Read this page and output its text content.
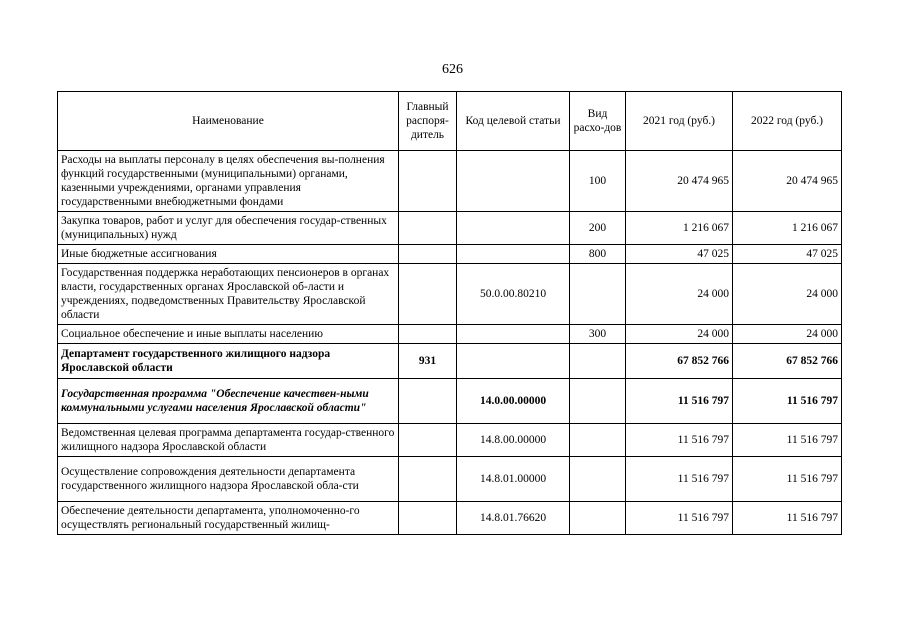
626
Наименование	Главный распоря-дитель	Код целевой статьи	Вид расхо-дов	2021 год (руб.)	2022 год (руб.)
Расходы на выплаты персоналу в целях обеспечения вы-полнения функций государственными (муниципальными) органами, казенными учреждениями, органами управления государственными внебюджетными фондами			100	20 474 965	20 474 965
Закупка товаров, работ и услуг для обеспечения государ-ственных (муниципальных) нужд			200	1 216 067	1 216 067
Иные бюджетные ассигнования			800	47 025	47 025
Государственная поддержка неработающих пенсионеров в органах власти, государственных органах Ярославской об-ласти и учреждениях, подведомственных Правительству Ярославской области		50.0.00.80210		24 000	24 000
Социальное обеспечение и иные выплаты населению			300	24 000	24 000
Департамент государственного жилищного надзора Ярославской области	931			67 852 766	67 852 766
Государственная программа "Обеспечение качествен-ными коммунальными услугами населения Ярославской области"		14.0.00.00000		11 516 797	11 516 797
Ведомственная целевая программа департамента государ-ственного жилищного надзора Ярославской области		14.8.00.00000		11 516 797	11 516 797
Осуществление сопровождения деятельности департамента государственного жилищного надзора Ярославской обла-сти		14.8.01.00000		11 516 797	11 516 797
Обеспечение деятельности департамента, уполномоченно-го осуществлять региональный государственный жилищ-		14.8.01.76620		11 516 797	11 516 797
